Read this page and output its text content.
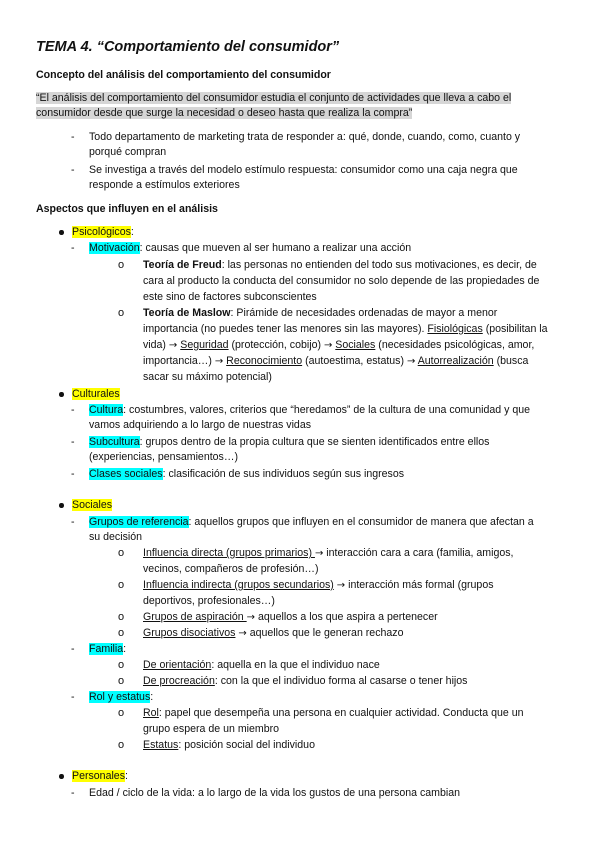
TEMA 4. “Comportamiento del consumidor”
Concepto del análisis del comportamiento del consumidor
“El análisis del comportamiento del consumidor estudia el conjunto de actividades que lleva a cabo el
consumidor desde que surge la necesidad o deseo hasta que realiza la compra”
- Todo departamento de marketing trata de responder a: qué, donde, cuando, como, cuanto y
porqué compran
- Se investiga a través del modelo estímulo respuesta: consumidor como una caja negra que
responde a estímulos exteriores
Aspectos que influyen en el análisis
Psicológicos:
- Motivación: causas que mueven al ser humano a realizar una acción
o Teoría de Freud: las personas no entienden del todo sus motivaciones, es decir, de
cara al producto la conducta del consumidor no solo depende de las propiedades de
este sino de factores subconscientes
o Teoría de Maslow: Pirámide de necesidades ordenadas de mayor a menor
importancia (no puedes tener las menores sin las mayores). Fisiológicas (posibilitan la
vida) → Seguridad (protección, cobijo) → Sociales (necesidades psicológicas, amor,
importancia…) → Reconocimiento (autoestima, estatus) → Autorrealización (busca
sacar su máximo potencial)
Culturales
- Cultura: costumbres, valores, criterios que “heredamos” de la cultura de una comunidad y que
vamos adquiriendo a lo largo de nuestras vidas
- Subcultura: grupos dentro de la propia cultura que se sienten identificados entre ellos
(experiencias, pensamientos…)
- Clases sociales: clasificación de sus individuos según sus ingresos
Sociales
- Grupos de referencia: aquellos grupos que influyen en el consumidor de manera que afectan a
su decisión
o Influencia directa (grupos primarios) → interacción cara a cara (familia, amigos,
vecinos, compañeros de profesión…)
o Influencia indirecta (grupos secundarios) → interacción más formal (grupos
deportivos, profesionales…)
o Grupos de aspiración → aquellos a los que aspira a pertenecer
o Grupos disociativos → aquellos que le generan rechazo
- Familia:
o De orientación: aquella en la que el individuo nace
o De procreación: con la que el individuo forma al casarse o tener hijos
- Rol y estatus:
o Rol: papel que desempeña una persona en cualquier actividad. Conducta que un
grupo espera de un miembro
o Estatus: posición social del individuo
Personales:
- Edad / ciclo de la vida: a lo largo de la vida los gustos de una persona cambian
